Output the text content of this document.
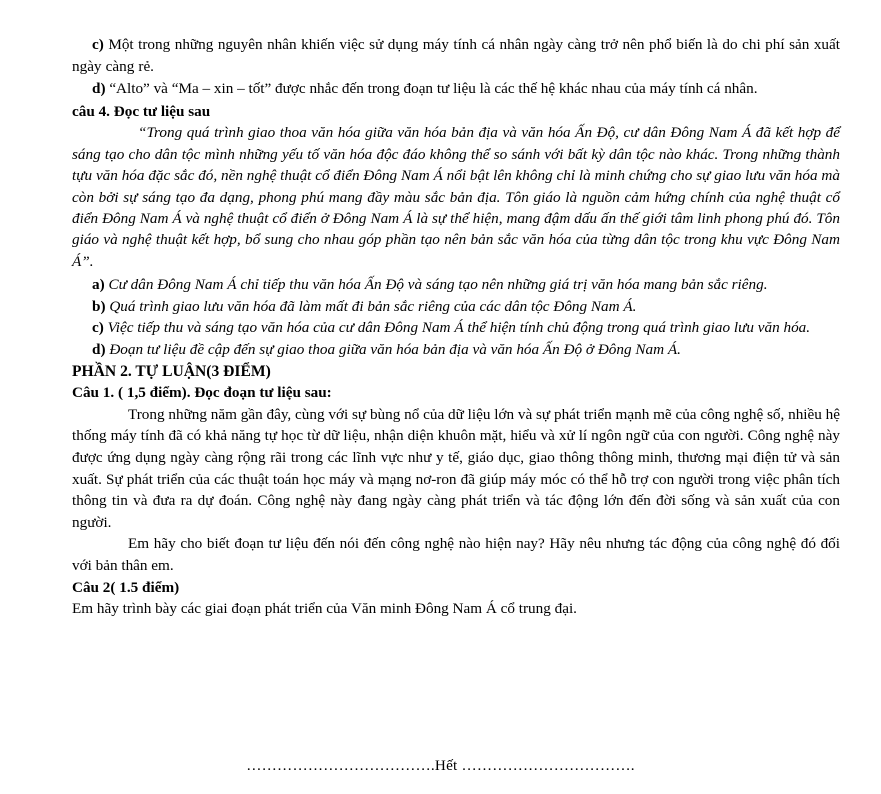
c) Một trong những nguyên nhân khiến việc sử dụng máy tính cá nhân ngày càng trở nên phổ biến là do chi phí sản xuất ngày càng rẻ.

d) “Alto” và “Ma – xin – tốt” được nhắc đến trong đoạn tư liệu là các thế hệ khác nhau của máy tính cá nhân.

câu 4. Đọc tư liệu sau

“Trong quá trình giao thoa văn hóa giữa văn hóa bản địa và văn hóa Ấn Độ, cư dân Đông Nam Á đã kết hợp để sáng tạo cho dân tộc mình những yếu tố văn hóa độc đáo không thể so sánh với bất kỳ dân tộc nào khác. Trong những thành tựu văn hóa đặc sắc đó, nền nghệ thuật cổ điển Đông Nam Á nổi bật lên không chỉ là minh chứng cho sự giao lưu văn hóa mà còn bởi sự sáng tạo đa dạng, phong phú mang đầy màu sắc bản địa. Tôn giáo là nguồn cảm hứng chính của nghệ thuật cổ điển Đông Nam Á và nghệ thuật cổ điển ở Đông Nam Á là sự thể hiện, mang đậm dấu ấn thế giới tâm linh phong phú đó. Tôn giáo và nghệ thuật kết hợp, bổ sung cho nhau góp phần tạo nên bản sắc văn hóa của từng dân tộc trong khu vực Đông Nam Á”.

a) Cư dân Đông Nam Á chỉ tiếp thu văn hóa Ấn Độ và sáng tạo nên những giá trị văn hóa mang bản sắc riêng.

b) Quá trình giao lưu văn hóa đã làm mất đi bản sắc riêng của các dân tộc Đông Nam Á.

c) Việc tiếp thu và sáng tạo văn hóa của cư dân Đông Nam Á thể hiện tính chủ động trong quá trình giao lưu văn hóa.

d) Đoạn tư liệu đề cập đến sự giao thoa giữa văn hóa bản địa và văn hóa Ấn Độ ở Đông Nam Á.

PHẦN 2. TỰ LUẬN(3 ĐIỂM)

Câu 1. ( 1,5 điểm). Đọc đoạn tư liệu sau:

Trong những năm gần đây, cùng với sự bùng nổ của dữ liệu lớn và sự phát triển mạnh mẽ của công nghệ số, nhiều hệ thống máy tính đã có khả năng tự học từ dữ liệu, nhận diện khuôn mặt, hiểu và xử lí ngôn ngữ của con người. Công nghệ này được ứng dụng ngày càng rộng rãi trong các lĩnh vực như y tế, giáo dục, giao thông thông minh, thương mại điện tử và sản xuất. Sự phát triển của các thuật toán học máy và mạng nơ-ron đã giúp máy móc có thể hỗ trợ con người trong việc phân tích thông tin và đưa ra dự đoán. Công nghệ này đang ngày càng phát triển và tác động lớn đến đời sống và sản xuất của con người.

Em hãy cho biết đoạn tư liệu đến nói đến công nghệ nào hiện nay? Hãy nêu nhưng tác động của công nghệ đó đối với bản thân em.

Câu 2( 1.5 điểm)

Em hãy trình bày các giai đoạn phát triển của Văn minh Đông Nam Á cổ trung đại.

……………………………….Hết …………………………….
